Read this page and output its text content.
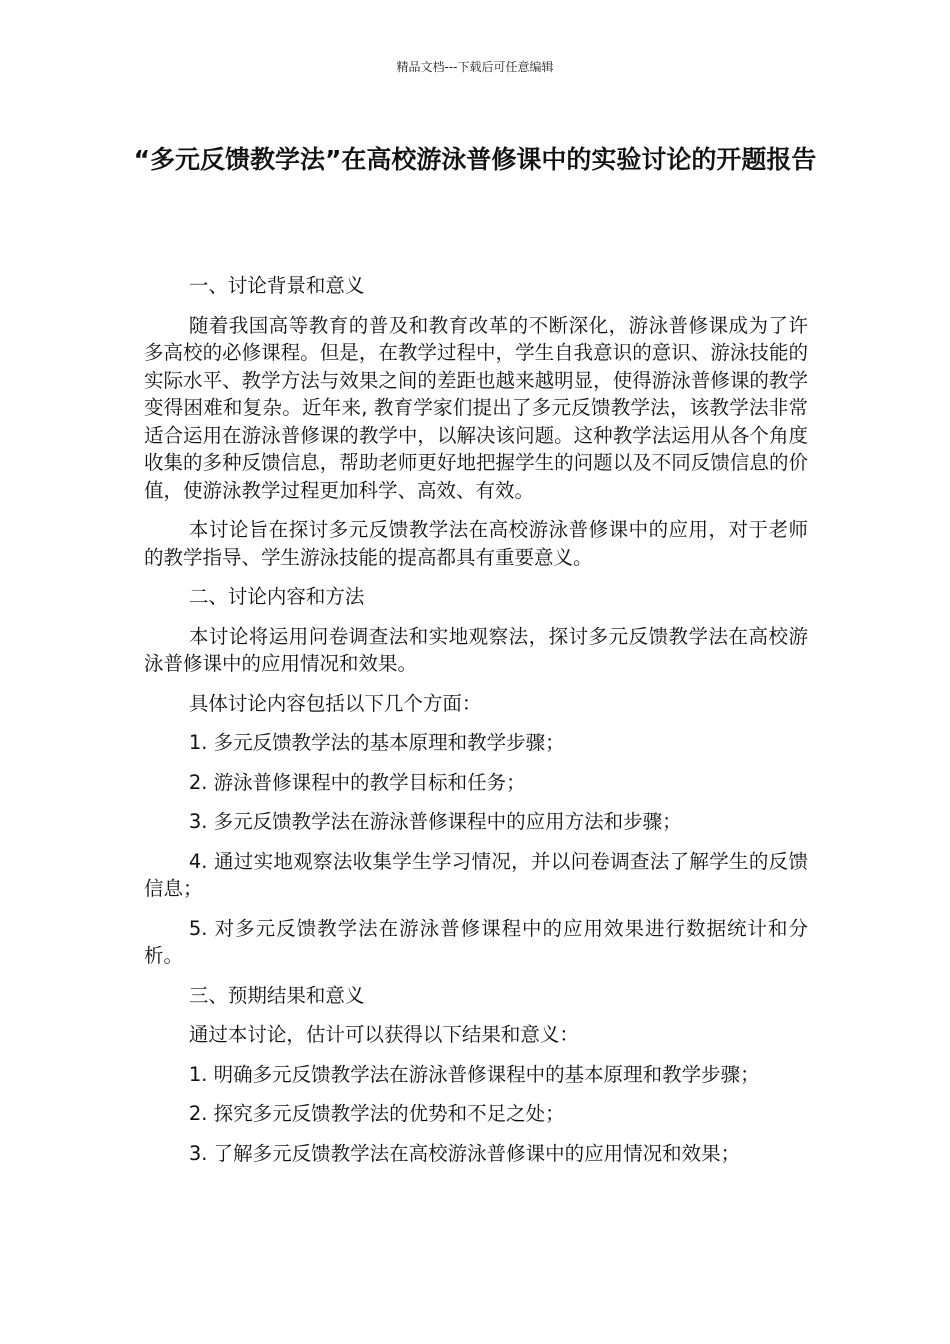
精品文档---下载后可任意编辑
“多元反馈教学法”在高校游泳普修课中的实验讨论的开题报告

一、讨论背景和意义

随着我国高等教育的普及和教育改革的不断深化，游泳普修课成为了许多高校的必修课程。但是，在教学过程中，学生自我意识的意识、游泳技能的实际水平、教学方法与效果之间的差距也越来越明显，使得游泳普修课的教学变得困难和复杂。近年来, 教育学家们提出了多元反馈教学法，该教学法非常适合运用在游泳普修课的教学中，以解决该问题。这种教学法运用从各个角度收集的多种反馈信息，帮助老师更好地把握学生的问题以及不同反馈信息的价值，使游泳教学过程更加科学、高效、有效。

本讨论旨在探讨多元反馈教学法在高校游泳普修课中的应用，对于老师的教学指导、学生游泳技能的提高都具有重要意义。

二、讨论内容和方法

本讨论将运用问卷调查法和实地观察法，探讨多元反馈教学法在高校游泳普修课中的应用情况和效果。

具体讨论内容包括以下几个方面：

1. 多元反馈教学法的基本原理和教学步骤；

2. 游泳普修课程中的教学目标和任务；

3. 多元反馈教学法在游泳普修课程中的应用方法和步骤；

4. 通过实地观察法收集学生学习情况，并以问卷调查法了解学生的反馈信息；

5. 对多元反馈教学法在游泳普修课程中的应用效果进行数据统计和分析。

三、预期结果和意义

通过本讨论，估计可以获得以下结果和意义：

1. 明确多元反馈教学法在游泳普修课程中的基本原理和教学步骤；

2. 探究多元反馈教学法的优势和不足之处；

3. 了解多元反馈教学法在高校游泳普修课中的应用情况和效果；
